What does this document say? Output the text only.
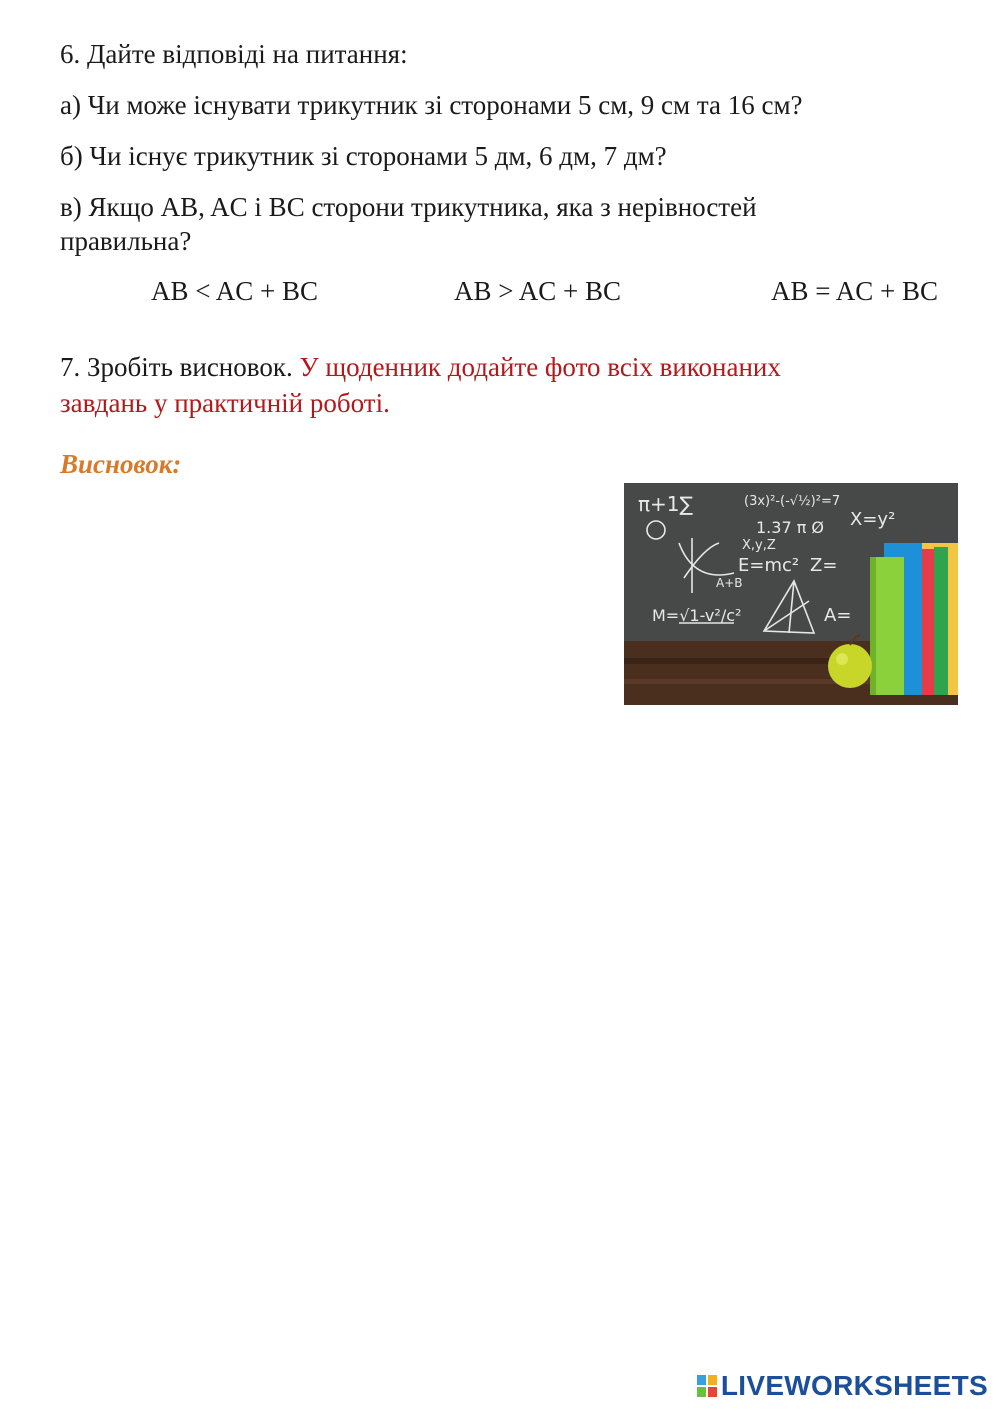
6. Дайте відповіді на питання:
а) Чи може існувати трикутник зі сторонами 5 см, 9 см та 16 см?
б) Чи існує трикутник зі сторонами 5 дм, 6 дм, 7 дм?
в) Якщо AB, AC і BC сторони трикутника, яка з нерівностей
правильна?
AB < AC + BC	AB > AC + BC	AB = AC + BC
7. Зробіть висновок. У щоденник додайте фото всіх виконаних
завдань у практичній роботі.
Висновок:
π+1∑	(3x)²-(-√½)²=7
1.37 π Ø X=y²
X,y,Z
E=mc² Z=
A+B
M=√1-v²/c²	A=
LIVEWORKSHEETS
